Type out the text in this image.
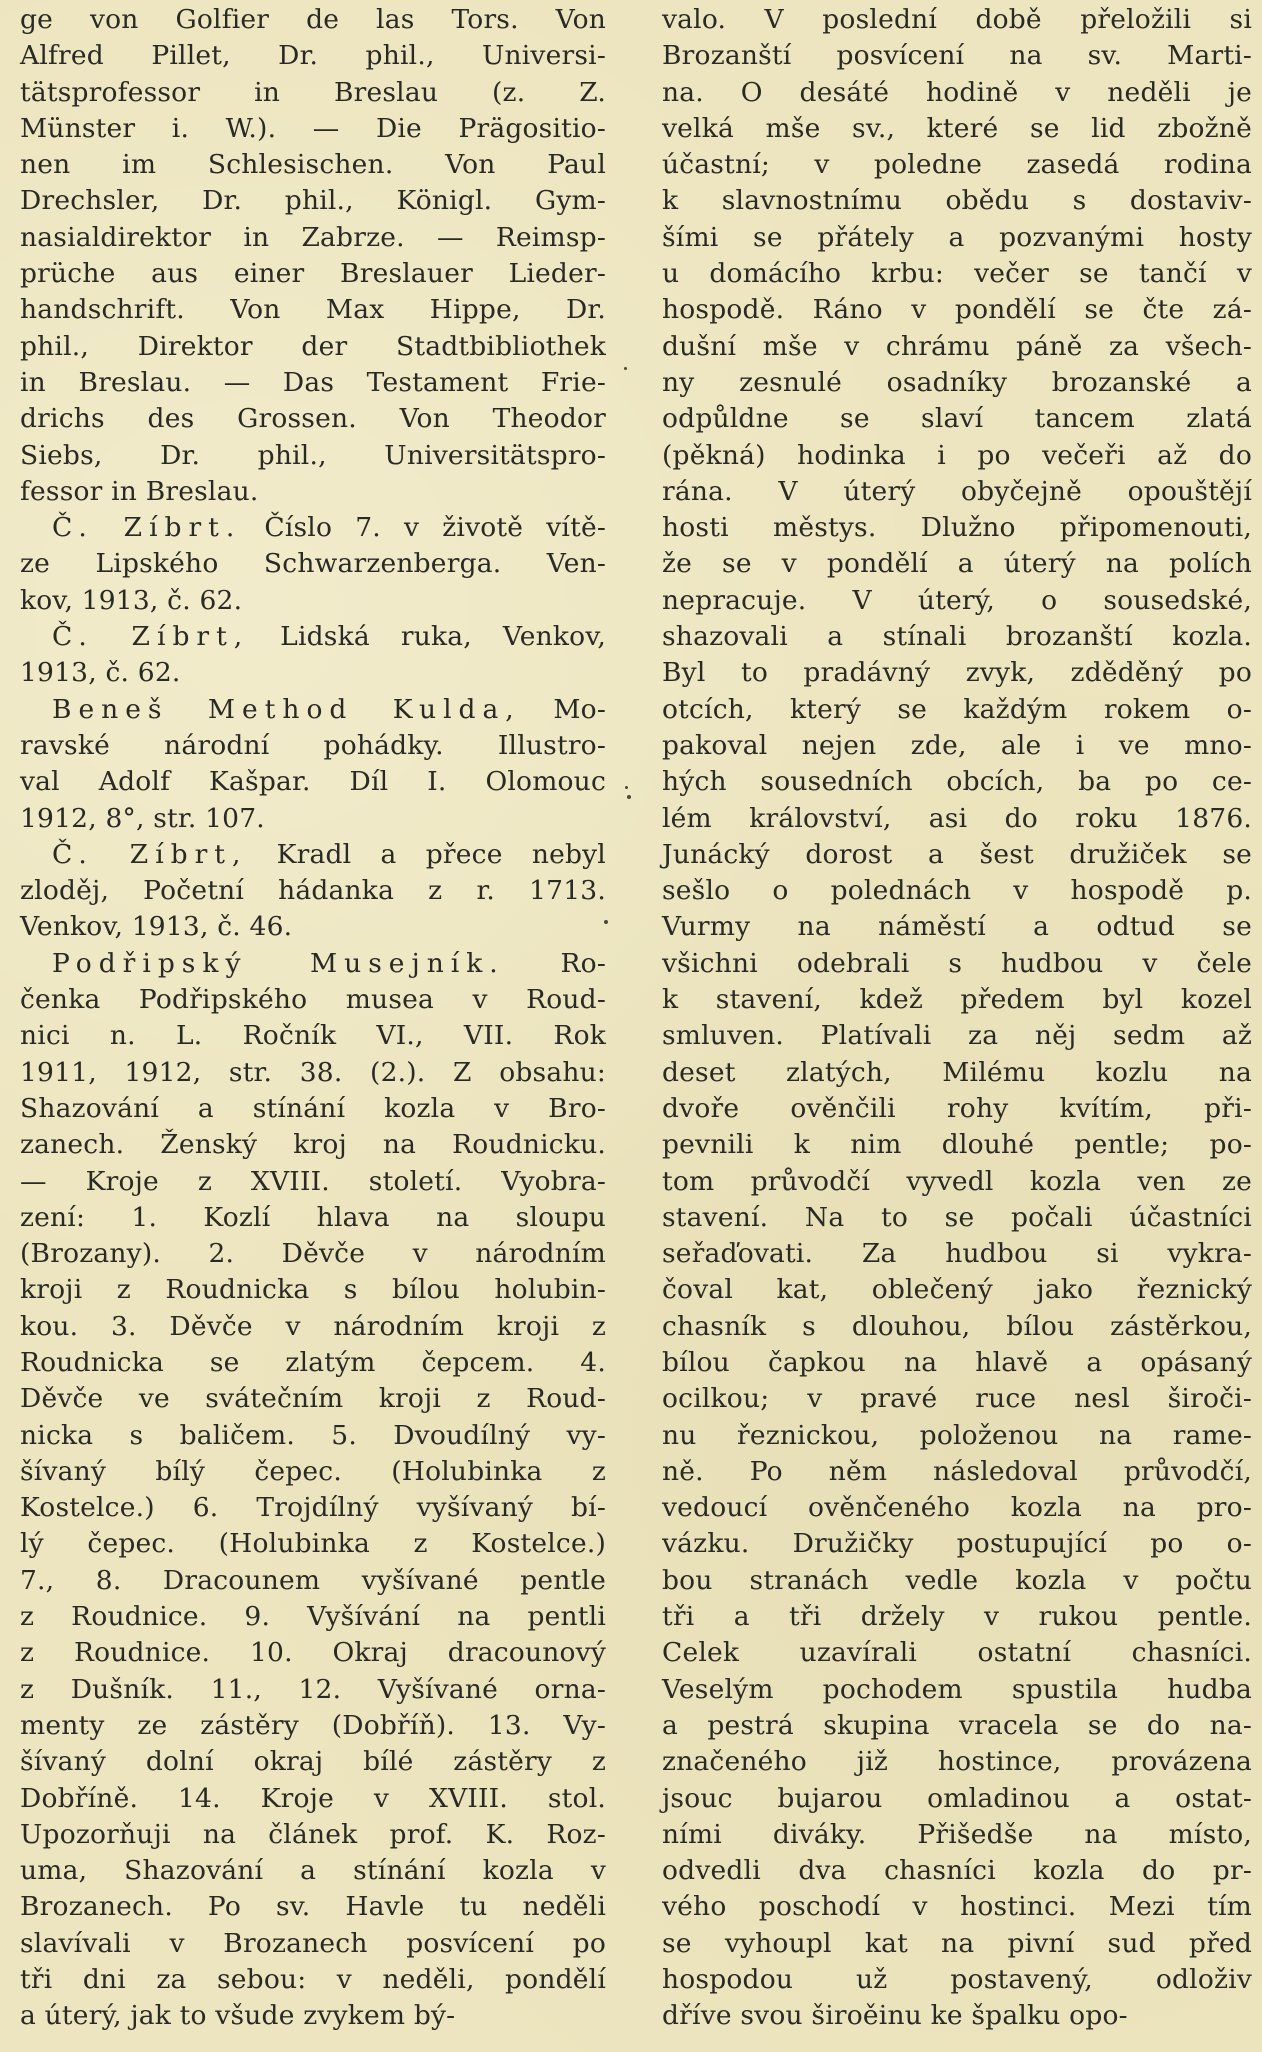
ge von Golfier de las Tors. Von
Alfred Pillet, Dr. phil., Universi-
tätsprofessor in Breslau (z. Z.
Münster i. W.). — Die Prägositio-
nen im Schlesischen. Von Paul
Drechsler, Dr. phil., Königl. Gym-
nasialdirektor in Zabrze. — Reimsp-
prüche aus einer Breslauer Lieder-
handschrift. Von Max Hippe, Dr.
phil., Direktor der Stadtbibliothek
in Breslau. — Das Testament Frie-
drichs des Grossen. Von Theodor
Siebs, Dr. phil., Universitätspro-
fessor in Breslau.
Č. Zíbrt. Číslo 7. v životě vítě-
ze Lipského Schwarzenberga. Ven-
kov, 1913, č. 62.
Č. Zíbrt, Lidská ruka, Venkov,
1913, č. 62.
Beneš Method Kulda, Mo-
ravské národní pohádky. Illustro-
val Adolf Kašpar. Díl I. Olomouc
1912, 8°, str. 107.
Č. Zíbrt, Kradl a přece nebyl
zloděj, Početní hádanka z r. 1713.
Venkov, 1913, č. 46.
Podřipský Musejník. Ro-
čenka Podřipského musea v Roud-
nici n. L. Ročník VI., VII. Rok
1911, 1912, str. 38. (2.). Z obsahu:
Shazování a stínání kozla v Bro-
zanech. Ženský kroj na Roudnicku.
— Kroje z XVIII. století. Vyobra-
zení: 1. Kozlí hlava na sloupu
(Brozany). 2. Děvče v národním
kroji z Roudnicka s bílou holubin-
kou. 3. Děvče v národním kroji z
Roudnicka se zlatým čepcem. 4.
Děvče ve svátečním kroji z Roud-
nicka s baličem. 5. Dvoudílný vy-
šívaný bílý čepec. (Holubinka z
Kostelce.) 6. Trojdílný vyšívaný bí-
lý čepec. (Holubinka z Kostelce.)
7., 8. Dracounem vyšívané pentle
z Roudnice. 9. Vyšívání na pentli
z Roudnice. 10. Okraj dracounový
z Dušník. 11., 12. Vyšívané orna-
menty ze zástěry (Dobříň). 13. Vy-
šívaný dolní okraj bílé zástěry z
Dobříně. 14. Kroje v XVIII. stol.
Upozorňuji na článek prof. K. Roz-
uma, Shazování a stínání kozla v
Brozanech. Po sv. Havle tu neděli
slavívali v Brozanech posvícení po
tři dni za sebou: v neděli, pondělí
a úterý, jak to všude zvykem bý-
valo. V poslední době přeložili si
Brozanští posvícení na sv. Marti-
na. O desáté hodině v neděli je
velká mše sv., které se lid zbožně
účastní; v poledne zasedá rodina
k slavnostnímu obědu s dostaviv-
šími se přátely a pozvanými hosty
u domácího krbu: večer se tančí v
hospodě. Ráno v pondělí se čte zá-
dušní mše v chrámu páně za všech-
ny zesnulé osadníky brozanské a
odpůldne se slaví tancem zlatá
(pěkná) hodinka i po večeři až do
rána. V úterý obyčejně opouštějí
hosti městys. Dlužno připomenouti,
že se v pondělí a úterý na polích
nepracuje. V úterý, o sousedské,
shazovali a stínali brozanští kozla.
Byl to pradávný zvyk, zděděný po
otcích, který se každým rokem o-
pakoval nejen zde, ale i ve mno-
hých sousedních obcích, ba po ce-
lém království, asi do roku 1876.
Junácký dorost a šest družiček se
sešlo o polednách v hospodě p.
Vurmy na náměstí a odtud se
všichni odebrali s hudbou v čele
k stavení, kdež předem byl kozel
smluven. Platívali za něj sedm až
deset zlatých, Milému kozlu na
dvoře ověnčili rohy kvítím, při-
pevnili k nim dlouhé pentle; po-
tom průvodčí vyvedl kozla ven ze
stavení. Na to se počali účastníci
seřaďovati. Za hudbou si vykra-
čoval kat, oblečený jako řeznický
chasník s dlouhou, bílou zástěrkou,
bílou čapkou na hlavě a opásaný
ocilkou; v pravé ruce nesl široči-
nu řeznickou, položenou na rame-
ně. Po něm následoval průvodčí,
vedoucí ověnčeného kozla na pro-
vázku. Družičky postupující po o-
bou stranách vedle kozla v počtu
tři a tři držely v rukou pentle.
Celek uzavírali ostatní chasníci.
Veselým pochodem spustila hudba
a pestrá skupina vracela se do na-
značeného již hostince, provázena
jsouc bujarou omladinou a ostat-
ními diváky. Přišedše na místo,
odvedli dva chasníci kozla do pr-
vého poschodí v hostinci. Mezi tím
se vyhoupl kat na pivní sud před
hospodou už postavený, odloživ
dříve svou široěinu ke špalku opo-
